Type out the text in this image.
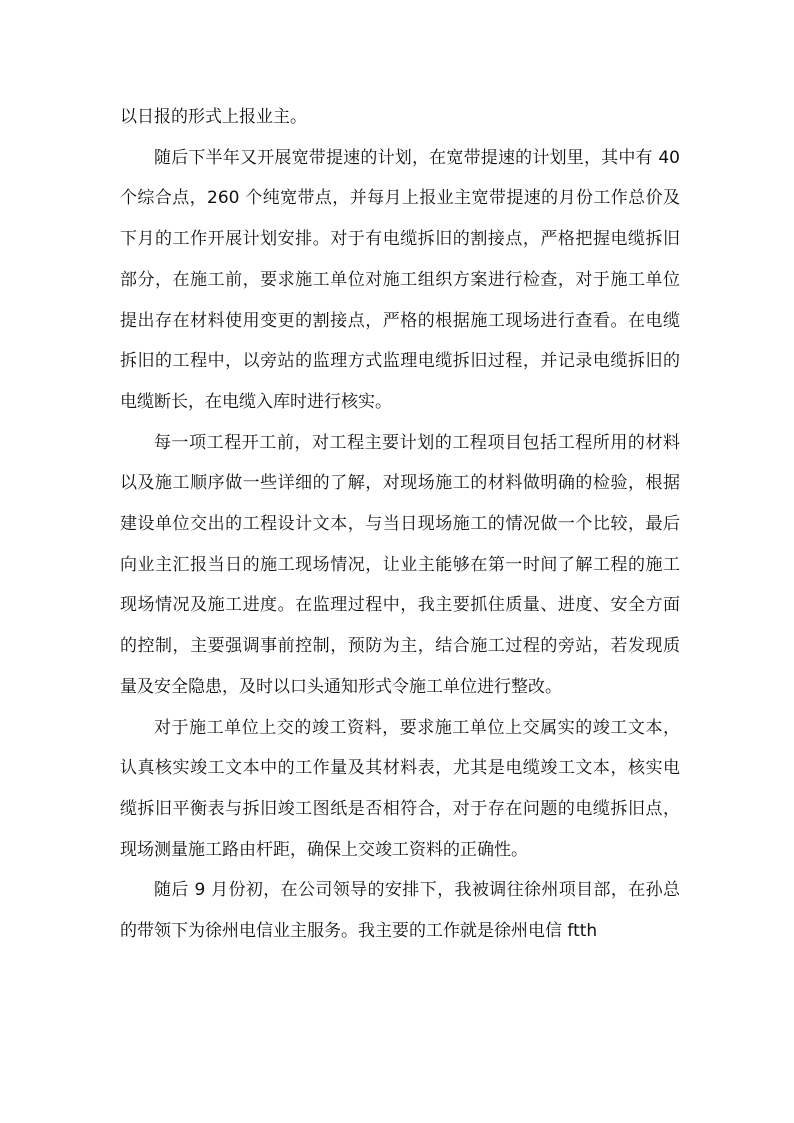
以日报的形式上报业主。

随后下半年又开展宽带提速的计划，在宽带提速的计划里，其中有 40 个综合点，260 个纯宽带点，并每月上报业主宽带提速的月份工作总价及下月的工作开展计划安排。对于有电缆拆旧的割接点，严格把握电缆拆旧部分，在施工前，要求施工单位对施工组织方案进行检查，对于施工单位提出存在材料使用变更的割接点，严格的根据施工现场进行查看。在电缆拆旧的工程中，以旁站的监理方式监理电缆拆旧过程，并记录电缆拆旧的电缆断长，在电缆入库时进行核实。

每一项工程开工前，对工程主要计划的工程项目包括工程所用的材料以及施工顺序做一些详细的了解，对现场施工的材料做明确的检验，根据建设单位交出的工程设计文本，与当日现场施工的情况做一个比较，最后向业主汇报当日的施工现场情况，让业主能够在第一时间了解工程的施工现场情况及施工进度。在监理过程中，我主要抓住质量、进度、安全方面的控制，主要强调事前控制，预防为主，结合施工过程的旁站，若发现质量及安全隐患，及时以口头通知形式令施工单位进行整改。

对于施工单位上交的竣工资料，要求施工单位上交属实的竣工文本，认真核实竣工文本中的工作量及其材料表，尤其是电缆竣工文本，核实电缆拆旧平衡表与拆旧竣工图纸是否相符合，对于存在问题的电缆拆旧点，现场测量施工路由杆距，确保上交竣工资料的正确性。

随后 9 月份初，在公司领导的安排下，我被调往徐州项目部，在孙总的带领下为徐州电信业主服务。我主要的工作就是徐州电信 ftth
